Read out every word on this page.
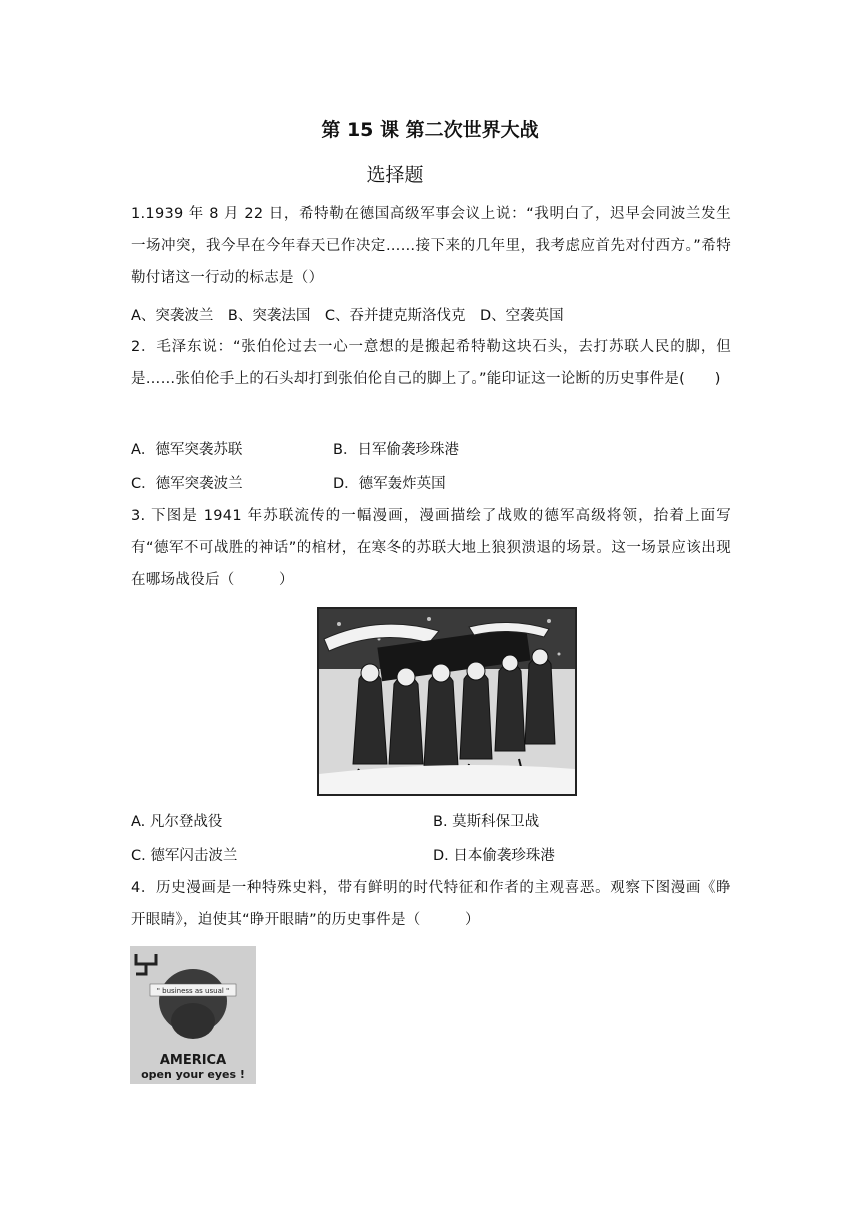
第 15 课 第二次世界大战
选择题
1.1939 年 8 月 22 日，希特勒在德国高级军事会议上说：“我明白了，迟早会同波兰发生一场冲突，我今早在今年春天已作决定……接下来的几年里，我考虑应首先对付西方。”希特勒付诸这一行动的标志是（）
A、突袭波兰　B、突袭法国　C、吞并捷克斯洛伐克　D、空袭英国
2．毛泽东说：“张伯伦过去一心一意想的是搬起希特勒这块石头，去打苏联人民的脚，但是……张伯伦手上的石头却打到张伯伦自己的脚上了。”能印证这一论断的历史事件是(　　)
A．德军突袭苏联	B．日军偷袭珍珠港
C．德军突袭波兰	D．德军轰炸英国
3. 下图是 1941 年苏联流传的一幅漫画，漫画描绘了战败的德军高级将领，抬着上面写有“德军不可战胜的神话”的棺材，在寒冬的苏联大地上狼狈溃退的场景。这一场景应该出现在哪场战役后（　　　）
A. 凡尔登战役	B. 莫斯科保卫战
C. 德军闪击波兰	D. 日本偷袭珍珠港
4．历史漫画是一种特殊史料，带有鲜明的时代特征和作者的主观喜恶。观察下图漫画《睁开眼睛》，迫使其“睁开眼睛”的历史事件是（　　　）
" business as usual "
AMERICA
open your eyes !
